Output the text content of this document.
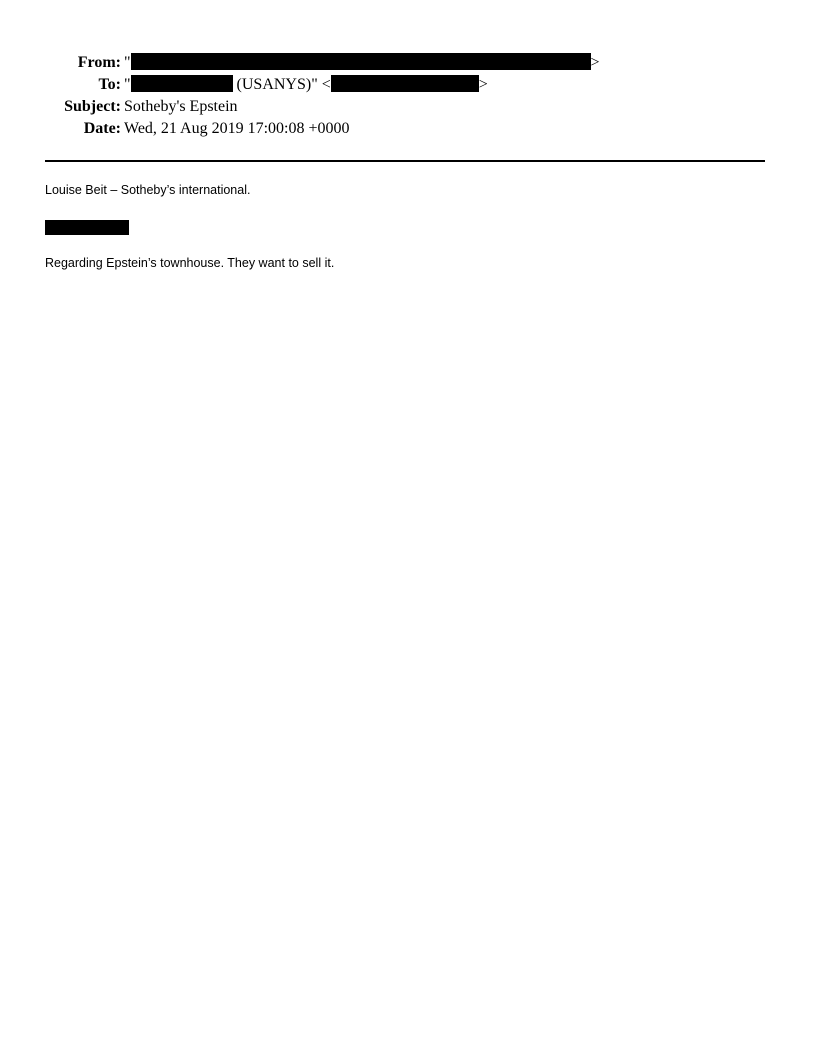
From: "	>
To: "	(USANYS)" <	>
Subject: Sotheby's Epstein
Date: Wed, 21 Aug 2019 17:00:08 +0000
Louise Beit – Sotheby’s international.
Regarding Epstein’s townhouse. They want to sell it.
